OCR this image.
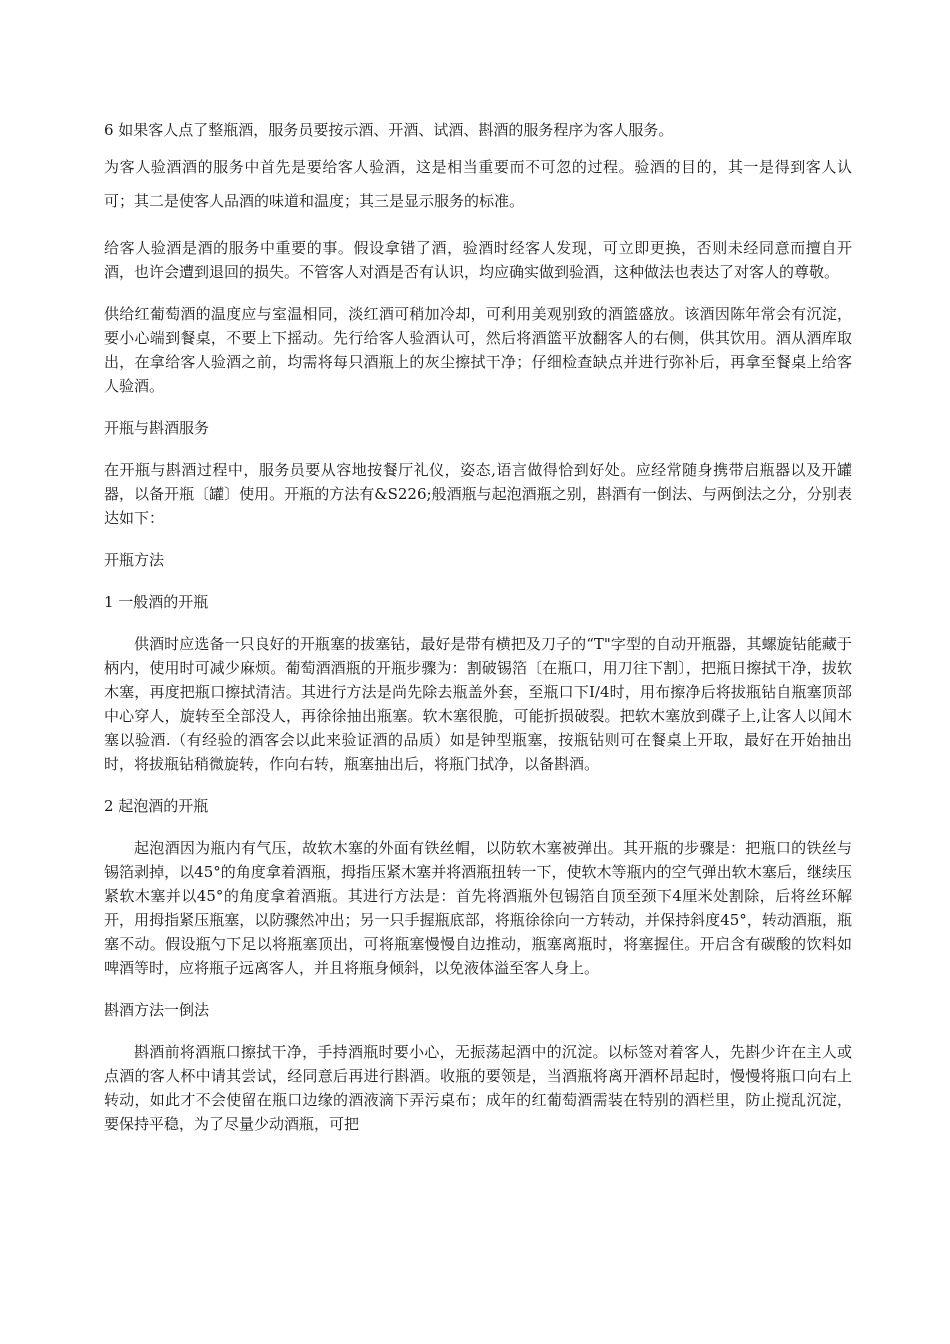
6 如果客人点了整瓶酒，服务员要按示酒、开酒、试酒、斟酒的服务程序为客人服务。

为客人验酒酒的服务中首先是要给客人验酒，这是相当重要而不可忽的过程。验酒的目的，其一是得到客人认可；其二是使客人品酒的味道和温度；其三是显示服务的标准。

给客人验酒是酒的服务中重要的事。假设拿错了酒，验酒时经客人发现，可立即更换，否则未经同意而擅自开酒，也许会遭到退回的损失。不管客人对酒是否有认识，均应确实做到验酒，这种做法也表达了对客人的尊敬。

供给红葡萄酒的温度应与室温相同，淡红酒可稍加冷却，可利用美观别致的酒篮盛放。该酒因陈年常会有沉淀，要小心端到餐桌，不要上下摇动。先行给客人验酒认可，然后将酒篮平放翻客人的右侧，供其饮用。酒从酒库取出，在拿给客人验酒之前，均需将每只酒瓶上的灰尘擦拭干净；仔细检查缺点并进行弥补后，再拿至餐桌上给客人验酒。

开瓶与斟酒服务

在开瓶与斟酒过程中，服务员要从容地按餐厅礼仪，姿态,语言做得恰到好处。应经常随身携带启瓶器以及开罐器，以备开瓶〔罐〕使用。开瓶的方法有&S226;般酒瓶与起泡酒瓶之别，斟酒有一倒法、与两倒法之分，分别表达如下：

开瓶方法

1 一般酒的开瓶

供酒时应选备一只良好的开瓶塞的拔塞钻，最好是带有横把及刀子的“T"字型的自动开瓶器，其螺旋钻能藏于柄内，使用时可减少麻烦。葡萄酒酒瓶的开瓶步骤为：割破锡箔〔在瓶口，用刀往下割〕，把瓶日擦拭干净，拔软木塞，再度把瓶口擦拭清洁。其进行方法是尚先除去瓶盖外套，至瓶口下I/4时，用布擦净后将拔瓶钻自瓶塞顶部中心穿人，旋转至全部没人，再徐徐抽出瓶塞。软木塞很脆，可能折损破裂。把软木塞放到碟子上,让客人以闻木塞以验酒.（有经验的酒客会以此来验证酒的品质）如是钟型瓶塞，按瓶钻则可在餐桌上开取，最好在开始抽出时，将拔瓶钻稍微旋转，作向右转，瓶塞抽出后，将瓶门拭净，以备斟酒。

2 起泡酒的开瓶

起泡酒因为瓶内有气压，故软木塞的外面有铁丝帽，以防软木塞被弹出。其开瓶的步骤是：把瓶口的铁丝与锡箔剥掉，以45°的角度拿着酒瓶，拇指压紧木塞并将酒瓶扭转一下，使软木等瓶内的空气弹出软木塞后，继续压紧软木塞并以45°的角度拿着酒瓶。其进行方法是：首先将酒瓶外包锡箔自顶至颈下4厘米处割除，后将丝环解开，用拇指紧压瓶塞，以防骤然冲出；另一只手握瓶底部，将瓶徐徐向一方转动，并保持斜度45°，转动酒瓶，瓶塞不动。假设瓶勺下足以将瓶塞顶出，可将瓶塞慢慢自边推动，瓶塞离瓶时，将塞握住。开启含有碳酸的饮料如啤酒等时，应将瓶子远离客人，并且将瓶身倾斜，以免液体溢至客人身上。

斟酒方法一倒法

斟酒前将酒瓶口擦拭干净，手持酒瓶时要小心，无振荡起酒中的沉淀。以标签对着客人，先斟少许在主人或点酒的客人杯中请其尝试，经同意后再进行斟酒。收瓶的要领是，当酒瓶将离开酒杯昂起时，慢慢将瓶口向右上转动，如此才不会使留在瓶口边缘的酒液滴下弄污桌布；成年的红葡萄酒需装在特别的酒栏里，防止搅乱沉淀，要保持平稳，为了尽量少动酒瓶，可把
